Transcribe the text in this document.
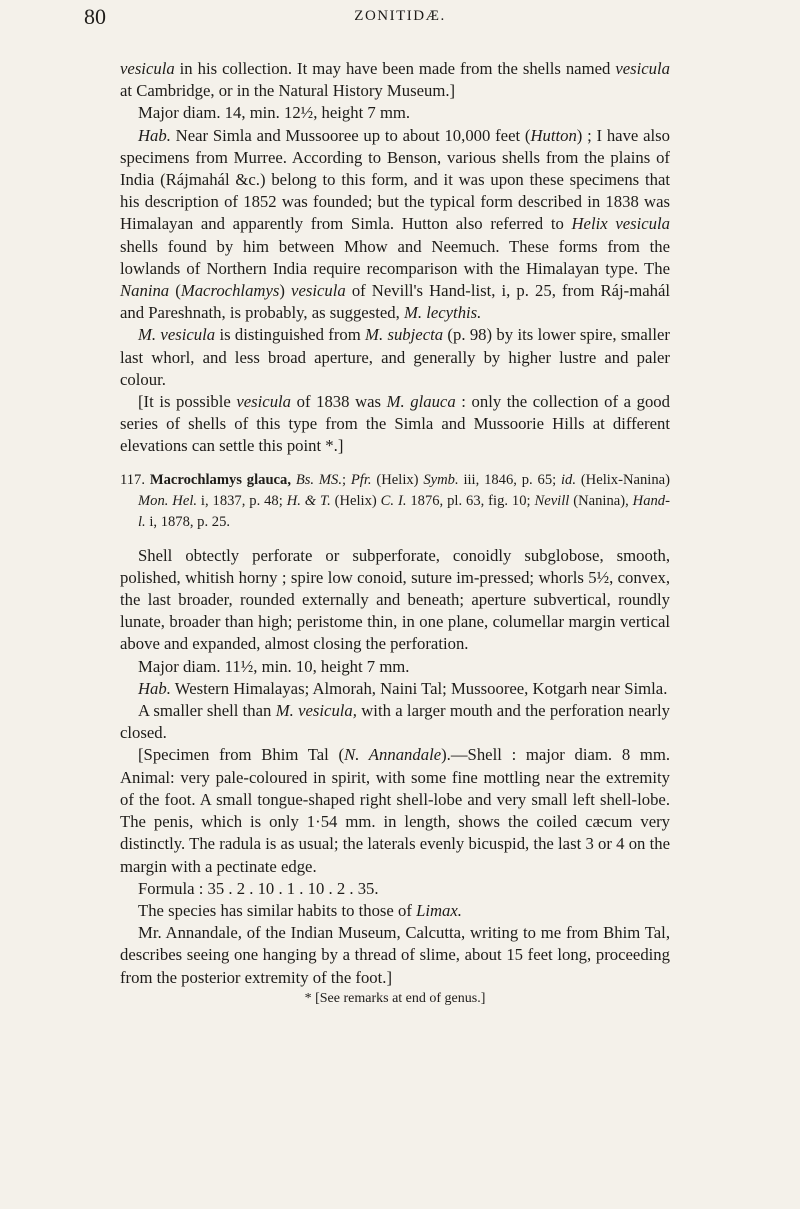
80	ZONITIDÆ.

vesicula in his collection. It may have been made from the shells named vesicula at Cambridge, or in the Natural History Museum.]

Major diam. 14, min. 12½, height 7 mm.

Hab. Near Simla and Mussooree up to about 10,000 feet (Hutton) ; I have also specimens from Murree. According to Benson, various shells from the plains of India (Rájmahál &c.) belong to this form, and it was upon these specimens that his description of 1852 was founded; but the typical form described in 1838 was Himalayan and apparently from Simla. Hutton also referred to Helix vesicula shells found by him between Mhow and Neemuch. These forms from the lowlands of Northern India require recomparison with the Himalayan type. The Nanina (Macrochlamys) vesicula of Nevill's Hand-list, i, p. 25, from Ráj-mahál and Pareshnath, is probably, as suggested, M. lecythis.

M. vesicula is distinguished from M. subjecta (p. 98) by its lower spire, smaller last whorl, and less broad aperture, and generally by higher lustre and paler colour.

[It is possible vesicula of 1838 was M. glauca : only the collection of a good series of shells of this type from the Simla and Mussoorie Hills at different elevations can settle this point *.]

117. Macrochlamys glauca, Bs. MS.; Pfr. (Helix) Symb. iii, 1846, p. 65; id. (Helix-Nanina) Mon. Hel. i, 1837, p. 48; H. & T. (Helix) C. I. 1876, pl. 63, fig. 10; Nevill (Nanina), Hand-l. i, 1878, p. 25.

Shell obtectly perforate or subperforate, conoidly subglobose, smooth, polished, whitish horny ; spire low conoid, suture im-pressed; whorls 5½, convex, the last broader, rounded externally and beneath; aperture subvertical, roundly lunate, broader than high; peristome thin, in one plane, columellar margin vertical above and expanded, almost closing the perforation.

Major diam. 11½, min. 10, height 7 mm.

Hab. Western Himalayas; Almorah, Naini Tal; Mussooree, Kotgarh near Simla.

A smaller shell than M. vesicula, with a larger mouth and the perforation nearly closed.

[Specimen from Bhim Tal (N. Annandale).—Shell : major diam. 8 mm. Animal: very pale-coloured in spirit, with some fine mottling near the extremity of the foot. A small tongue-shaped right shell-lobe and very small left shell-lobe. The penis, which is only 1·54 mm. in length, shows the coiled cæcum very distinctly. The radula is as usual; the laterals evenly bicuspid, the last 3 or 4 on the margin with a pectinate edge.

Formula : 35 . 2 . 10 . 1 . 10 . 2 . 35.

The species has similar habits to those of Limax.

Mr. Annandale, of the Indian Museum, Calcutta, writing to me from Bhim Tal, describes seeing one hanging by a thread of slime, about 15 feet long, proceeding from the posterior extremity of the foot.]

* [See remarks at end of genus.]
